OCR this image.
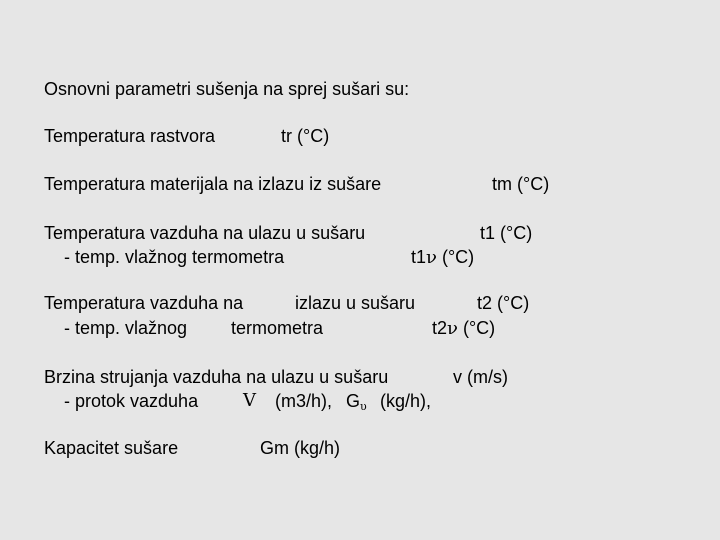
Osnovni parametri sušenja na sprej sušari su:
Temperatura rastvora	tr (°C)
Temperatura materijala na izlazu iz sušare	tm (°C)
Temperatura vazduha na ulazu u sušaru	t1 (°C)
- temp. vlažnog termometra	t1ν (°C)
Temperatura vazduha na	izlazu u sušaru	t2 (°C)
- temp. vlažnog termometra	t2ν (°C)
Brzina strujanja vazduha na ulazu u sušaru	v (m/s)
- protok vazduha V (m3/h), Gυ (kg/h),
Kapacitet sušare	Gm (kg/h)
